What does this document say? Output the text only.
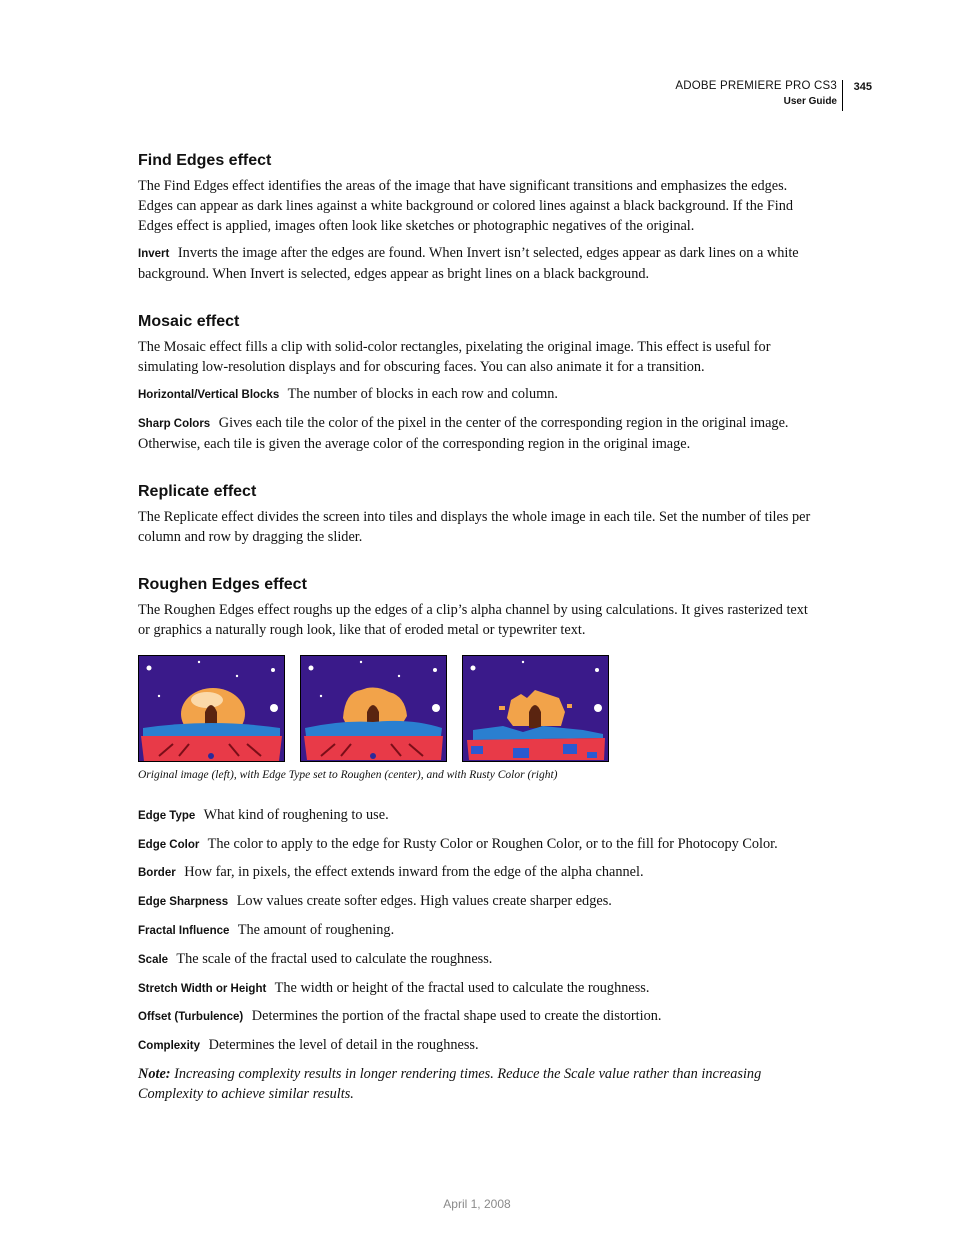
ADOBE PREMIERE PRO CS3
User Guide
345
Find Edges effect

The Find Edges effect identifies the areas of the image that have significant transitions and emphasizes the edges. Edges can appear as dark lines against a white background or colored lines against a black background. If the Find Edges effect is applied, images often look like sketches or photographic negatives of the original.

Invert Inverts the image after the edges are found. When Invert isn’t selected, edges appear as dark lines on a white background. When Invert is selected, edges appear as bright lines on a black background.

Mosaic effect

The Mosaic effect fills a clip with solid-color rectangles, pixelating the original image. This effect is useful for simulating low-resolution displays and for obscuring faces. You can also animate it for a transition.

Horizontal/Vertical Blocks The number of blocks in each row and column.

Sharp Colors Gives each tile the color of the pixel in the center of the corresponding region in the original image. Otherwise, each tile is given the average color of the corresponding region in the original image.

Replicate effect

The Replicate effect divides the screen into tiles and displays the whole image in each tile. Set the number of tiles per column and row by dragging the slider.

Roughen Edges effect

The Roughen Edges effect roughs up the edges of a clip’s alpha channel by using calculations. It gives rasterized text or graphics a naturally rough look, like that of eroded metal or typewriter text.

Original image (left), with Edge Type set to Roughen (center), and with Rusty Color (right)

Edge Type What kind of roughening to use.

Edge Color The color to apply to the edge for Rusty Color or Roughen Color, or to the fill for Photocopy Color.

Border How far, in pixels, the effect extends inward from the edge of the alpha channel.

Edge Sharpness Low values create softer edges. High values create sharper edges.

Fractal Influence The amount of roughening.

Scale The scale of the fractal used to calculate the roughness.

Stretch Width or Height The width or height of the fractal used to calculate the roughness.

Offset (Turbulence) Determines the portion of the fractal shape used to create the distortion.

Complexity Determines the level of detail in the roughness.

Note: Increasing complexity results in longer rendering times. Reduce the Scale value rather than increasing Complexity to achieve similar results.

April 1, 2008
